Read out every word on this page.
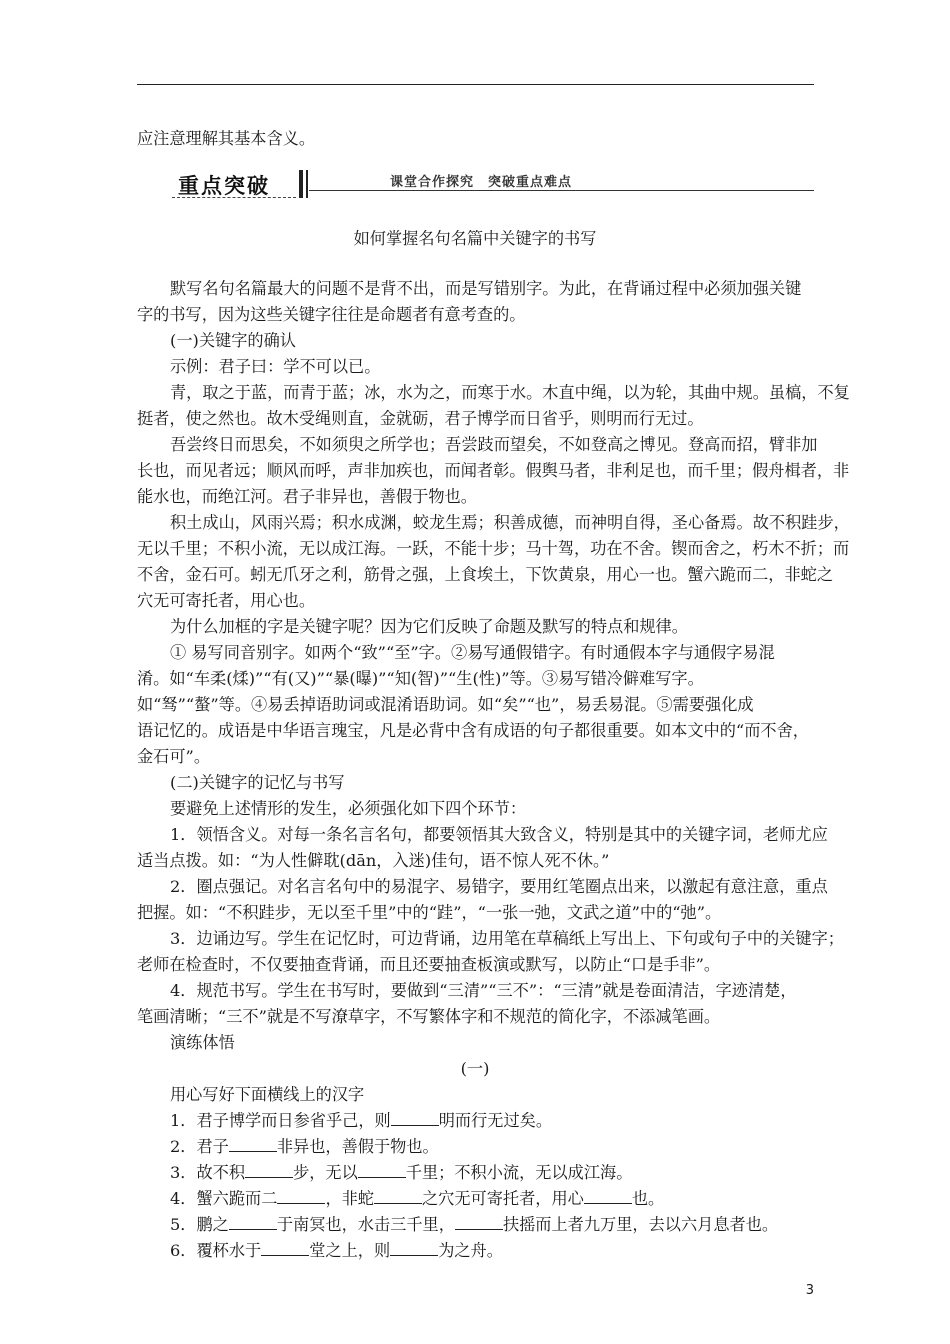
应注意理解其基本含义。
重点突破	课堂合作探究　突破重点难点
如何掌握名句名篇中关键字的书写
默写名句名篇最大的问题不是背不出，而是写错别字。为此，在背诵过程中必须加强关键
字的书写，因为这些关键字往往是命题者有意考查的。
(一)关键字的确认
示例：君子曰：学不可以已。
青，取之于蓝，而青于蓝；冰，水为之，而寒于水。木直中绳，以为轮，其曲中规。虽槁，不复
挺者，使之然也。故木受绳则直，金就砺，君子博学而日省乎，则明而行无过。
吾尝终日而思矣，不如须臾之所学也；吾尝跂而望矣，不如登高之博见。登高而招，臂非加
长也，而见者远；顺风而呼，声非加疾也，而闻者彰。假舆马者，非利足也，而千里；假舟楫者，非
能水也，而绝江河。君子非异也，善假于物也。
积土成山，风雨兴焉；积水成渊，蛟龙生焉；积善成德，而神明自得，圣心备焉。故不积跬步，
无以千里；不积小流，无以成江海。一跃，不能十步；马十驾，功在不舍。锲而舍之，朽木不折；而
不舍，金石可。蚓无爪牙之利，筋骨之强，上食埃土，下饮黄泉，用心一也。蟹六跪而二，非蛇之
穴无可寄托者，用心也。
为什么加框的字是关键字呢？因为它们反映了命题及默写的特点和规律。
① 易写同音别字。如两个“致”“至”字。②易写通假错字。有时通假本字与通假字易混
淆。如“车柔(煣)”“有(又)”“暴(曝)”“知(智)”“生(性)”等。③易写错冷僻难写字。
如“驽”“螯”等。④易丢掉语助词或混淆语助词。如“矣”“也”，易丢易混。⑤需要强化成
语记忆的。成语是中华语言瑰宝，凡是必背中含有成语的句子都很重要。如本文中的“而不舍，
金石可”。
(二)关键字的记忆与书写
要避免上述情形的发生，必须强化如下四个环节：
1．领悟含义。对每一条名言名句，都要领悟其大致含义，特别是其中的关键字词，老师尤应
适当点拨。如：“为人性僻耽(dān，入迷)佳句，语不惊人死不休。”
2．圈点强记。对名言名句中的易混字、易错字，要用红笔圈点出来，以激起有意注意，重点
把握。如：“不积跬步，无以至千里”中的“跬”，“一张一弛，文武之道”中的“弛”。
3．边诵边写。学生在记忆时，可边背诵，边用笔在草稿纸上写出上、下句或句子中的关键字；
老师在检查时，不仅要抽查背诵，而且还要抽查板演或默写，以防止“口是手非”。
4．规范书写。学生在书写时，要做到“三清”“三不”：“三清”就是卷面清洁，字迹清楚，
笔画清晰；“三不”就是不写潦草字，不写繁体字和不规范的简化字，不添减笔画。
演练体悟
(一)
用心写好下面横线上的汉字
1．君子博学而日参省乎己，则	明而行无过矣。
2．君子	非异也，善假于物也。
3．故不积	步，无以	千里；不积小流，无以成江海。
4．蟹六跪而二	，非蛇	之穴无可寄托者，用心	也。
5．鹏之	于南冥也，水击三千里，	扶摇而上者九万里，去以六月息者也。
6．覆杯水于	堂之上，则	为之舟。
3
